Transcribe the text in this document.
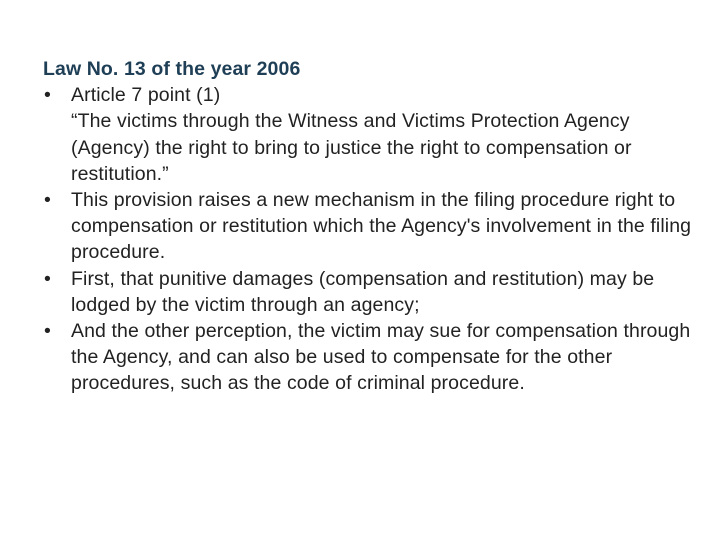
Law No. 13 of the year 2006

•	Article 7 point (1)
“The victims through the Witness and Victims Protection Agency (Agency) the right to bring to justice the right to compensation or restitution.”
•	This provision raises a new mechanism in the filing procedure right to compensation or restitution which the Agency's involvement in the filing procedure.
•	First, that punitive damages (compensation and restitution) may be lodged by the victim through an agency;
•	And the other perception, the victim may sue for compensation through the Agency, and can also be used to compensate for the other procedures, such as the code of criminal procedure.
